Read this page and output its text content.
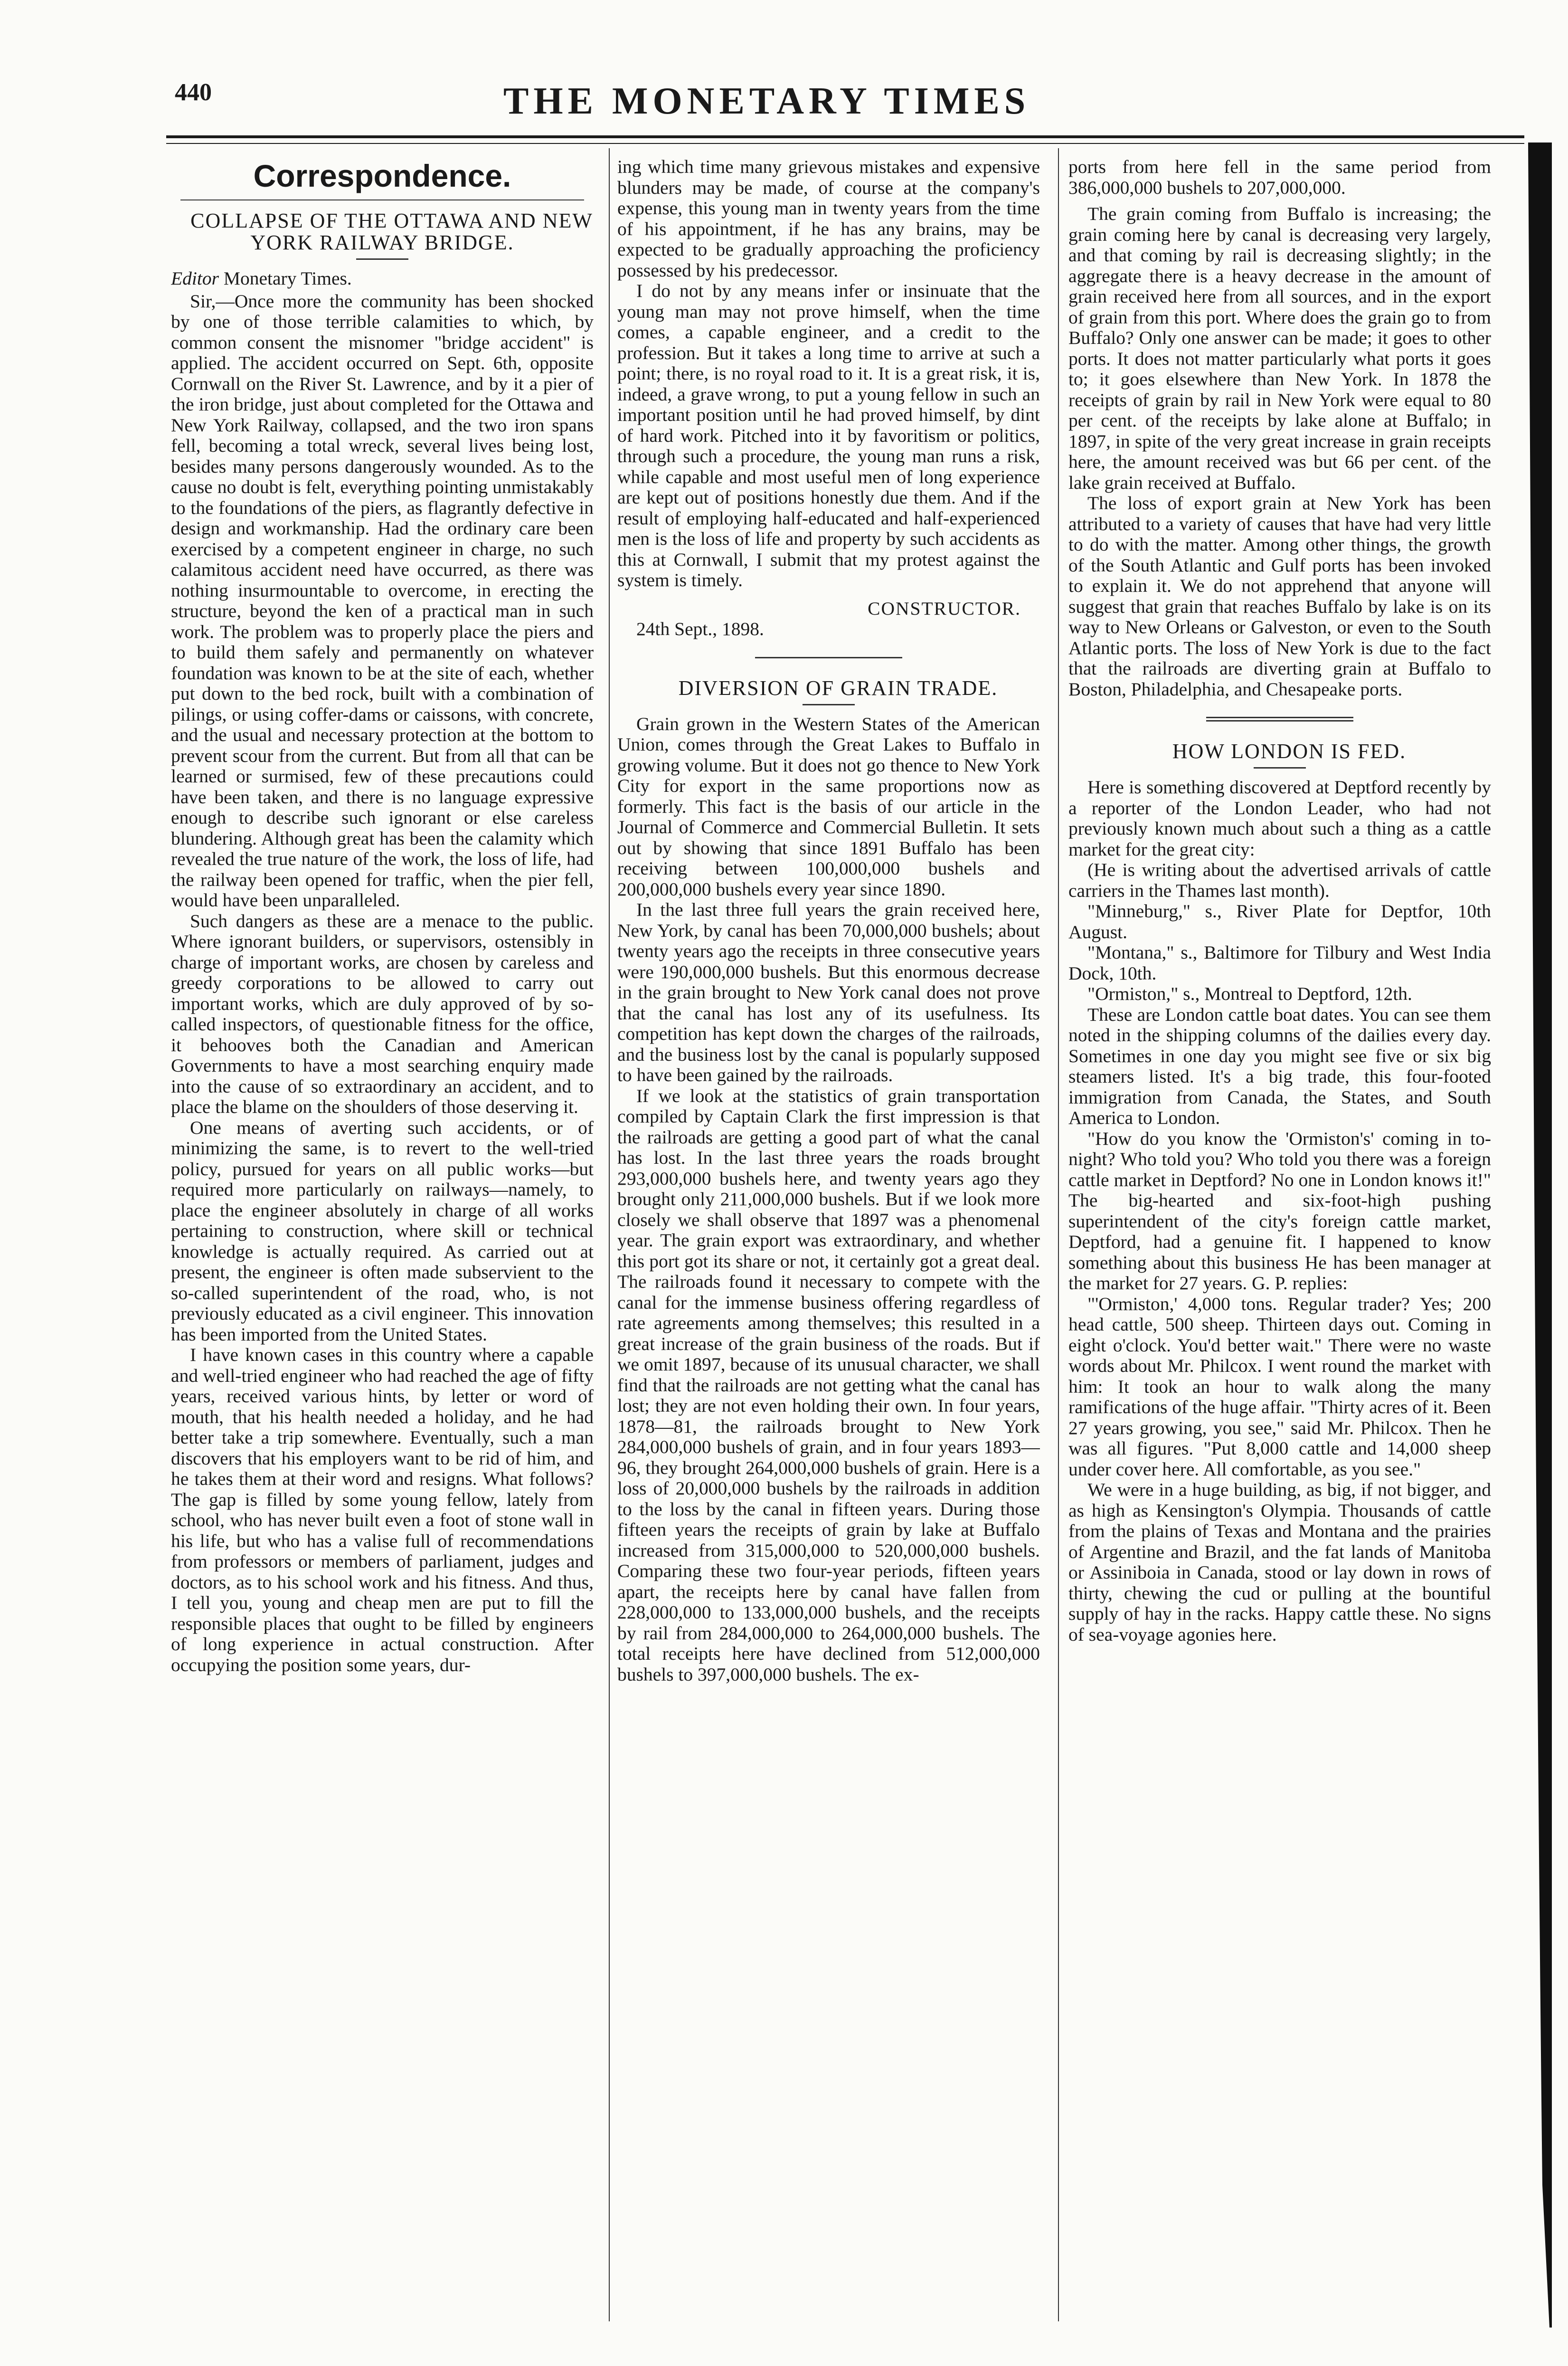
440	THE MONETARY TIMES
Correspondence.

COLLAPSE OF THE OTTAWA AND NEW YORK RAILWAY BRIDGE.

Editor Monetary Times.

Sir,—Once more the community has been shocked by one of those terrible calamities to which, by common consent the misnomer "bridge accident" is applied. The accident occurred on Sept. 6th, opposite Cornwall on the River St. Lawrence, and by it a pier of the iron bridge, just about completed for the Ottawa and New York Railway, collapsed, and the two iron spans fell, becoming a total wreck, several lives being lost, besides many persons dangerously wounded. As to the cause no doubt is felt, everything pointing unmistakably to the foundations of the piers, as flagrantly defective in design and workmanship. Had the ordinary care been exercised by a competent engineer in charge, no such calamitous accident need have occurred, as there was nothing insurmountable to overcome, in erecting the structure, beyond the ken of a practical man in such work. The problem was to properly place the piers and to build them safely and permanently on whatever foundation was known to be at the site of each, whether put down to the bed rock, built with a combination of pilings, or using coffer-dams or caissons, with concrete, and the usual and necessary protection at the bottom to prevent scour from the current. But from all that can be learned or surmised, few of these precautions could have been taken, and there is no language expressive enough to describe such ignorant or else careless blundering. Although great has been the calamity which revealed the true nature of the work, the loss of life, had the railway been opened for traffic, when the pier fell, would have been unparalleled.

Such dangers as these are a menace to the public. Where ignorant builders, or supervisors, ostensibly in charge of important works, are chosen by careless and greedy corporations to be allowed to carry out important works, which are duly approved of by so-called inspectors, of questionable fitness for the office, it behooves both the Canadian and American Governments to have a most searching enquiry made into the cause of so extraordinary an accident, and to place the blame on the shoulders of those deserving it.

One means of averting such accidents, or of minimizing the same, is to revert to the well-tried policy, pursued for years on all public works—but required more particularly on railways—namely, to place the engineer absolutely in charge of all works pertaining to construction, where skill or technical knowledge is actually required. As carried out at present, the engineer is often made subservient to the so-called superintendent of the road, who, is not previously educated as a civil engineer. This innovation has been imported from the United States.

I have known cases in this country where a capable and well-tried engineer who had reached the age of fifty years, received various hints, by letter or word of mouth, that his health needed a holiday, and he had better take a trip somewhere. Eventually, such a man discovers that his employers want to be rid of him, and he takes them at their word and resigns. What follows? The gap is filled by some young fellow, lately from school, who has never built even a foot of stone wall in his life, but who has a valise full of recommendations from professors or members of parliament, judges and doctors, as to his school work and his fitness. And thus, I tell you, young and cheap men are put to fill the responsible places that ought to be filled by engineers of long experience in actual construction. After occupying the position some years, dur-

ing which time many grievous mistakes and expensive blunders may be made, of course at the company's expense, this young man in twenty years from the time of his appointment, if he has any brains, may be expected to be gradually approaching the proficiency possessed by his predecessor.

I do not by any means infer or insinuate that the young man may not prove himself, when the time comes, a capable engineer, and a credit to the profession. But it takes a long time to arrive at such a point; there, is no royal road to it. It is a great risk, it is, indeed, a grave wrong, to put a young fellow in such an important position until he had proved himself, by dint of hard work. Pitched into it by favoritism or politics, through such a procedure, the young man runs a risk, while capable and most useful men of long experience are kept out of positions honestly due them. And if the result of employing half-educated and half-experienced men is the loss of life and property by such accidents as this at Cornwall, I submit that my protest against the system is timely.

CONSTRUCTOR.

24th Sept., 1898.

DIVERSION OF GRAIN TRADE.

Grain grown in the Western States of the American Union, comes through the Great Lakes to Buffalo in growing volume. But it does not go thence to New York City for export in the same proportions now as formerly. This fact is the basis of our article in the Journal of Commerce and Commercial Bulletin. It sets out by showing that since 1891 Buffalo has been receiving between 100,000,000 bushels and 200,000,000 bushels every year since 1890.

In the last three full years the grain received here, New York, by canal has been 70,000,000 bushels; about twenty years ago the receipts in three consecutive years were 190,000,000 bushels. But this enormous decrease in the grain brought to New York canal does not prove that the canal has lost any of its usefulness. Its competition has kept down the charges of the railroads, and the business lost by the canal is popularly supposed to have been gained by the railroads.

If we look at the statistics of grain transportation compiled by Captain Clark the first impression is that the railroads are getting a good part of what the canal has lost. In the last three years the roads brought 293,000,000 bushels here, and twenty years ago they brought only 211,000,000 bushels. But if we look more closely we shall observe that 1897 was a phenomenal year. The grain export was extraordinary, and whether this port got its share or not, it certainly got a great deal. The railroads found it necessary to compete with the canal for the immense business offering regardless of rate agreements among themselves; this resulted in a great increase of the grain business of the roads. But if we omit 1897, because of its unusual character, we shall find that the railroads are not getting what the canal has lost; they are not even holding their own. In four years, 1878—81, the railroads brought to New York 284,000,000 bushels of grain, and in four years 1893—96, they brought 264,000,000 bushels of grain. Here is a loss of 20,000,000 bushels by the railroads in addition to the loss by the canal in fifteen years. During those fifteen years the receipts of grain by lake at Buffalo increased from 315,000,000 to 520,000,000 bushels. Comparing these two four-year periods, fifteen years apart, the receipts here by canal have fallen from 228,000,000 to 133,000,000 bushels, and the receipts by rail from 284,000,000 to 264,000,000 bushels. The total receipts here have declined from 512,000,000 bushels to 397,000,000 bushels. The ex-

ports from here fell in the same period from 386,000,000 bushels to 207,000,000.

The grain coming from Buffalo is increasing; the grain coming here by canal is decreasing very largely, and that coming by rail is decreasing slightly; in the aggregate there is a heavy decrease in the amount of grain received here from all sources, and in the export of grain from this port. Where does the grain go to from Buffalo? Only one answer can be made; it goes to other ports. It does not matter particularly what ports it goes to; it goes elsewhere than New York. In 1878 the receipts of grain by rail in New York were equal to 80 per cent. of the receipts by lake alone at Buffalo; in 1897, in spite of the very great increase in grain receipts here, the amount received was but 66 per cent. of the lake grain received at Buffalo.

The loss of export grain at New York has been attributed to a variety of causes that have had very little to do with the matter. Among other things, the growth of the South Atlantic and Gulf ports has been invoked to explain it. We do not apprehend that anyone will suggest that grain that reaches Buffalo by lake is on its way to New Orleans or Galveston, or even to the South Atlantic ports. The loss of New York is due to the fact that the railroads are diverting grain at Buffalo to Boston, Philadelphia, and Chesapeake ports.

HOW LONDON IS FED.

Here is something discovered at Deptford recently by a reporter of the London Leader, who had not previously known much about such a thing as a cattle market for the great city:

(He is writing about the advertised arrivals of cattle carriers in the Thames last month).

"Minneburg," s., River Plate for Deptfor, 10th August.

"Montana," s., Baltimore for Tilbury and West India Dock, 10th.

"Ormiston," s., Montreal to Deptford, 12th.

These are London cattle boat dates. You can see them noted in the shipping columns of the dailies every day. Sometimes in one day you might see five or six big steamers listed. It's a big trade, this four-footed immigration from Canada, the States, and South America to London.

"How do you know the 'Ormiston's' coming in to-night? Who told you? Who told you there was a foreign cattle market in Deptford? No one in London knows it!" The big-hearted and six-foot-high pushing superintendent of the city's foreign cattle market, Deptford, had a genuine fit. I happened to know something about this business He has been manager at the market for 27 years. G. P. replies:

"'Ormiston,' 4,000 tons. Regular trader? Yes; 200 head cattle, 500 sheep. Thirteen days out. Coming in eight o'clock. You'd better wait." There were no waste words about Mr. Philcox. I went round the market with him: It took an hour to walk along the many ramifications of the huge affair. "Thirty acres of it. Been 27 years growing, you see," said Mr. Philcox. Then he was all figures. "Put 8,000 cattle and 14,000 sheep under cover here. All comfortable, as you see."

We were in a huge building, as big, if not bigger, and as high as Kensington's Olympia. Thousands of cattle from the plains of Texas and Montana and the prairies of Argentine and Brazil, and the fat lands of Manitoba or Assiniboia in Canada, stood or lay down in rows of thirty, chewing the cud or pulling at the bountiful supply of hay in the racks. Happy cattle these. No signs of sea-voyage agonies here.
